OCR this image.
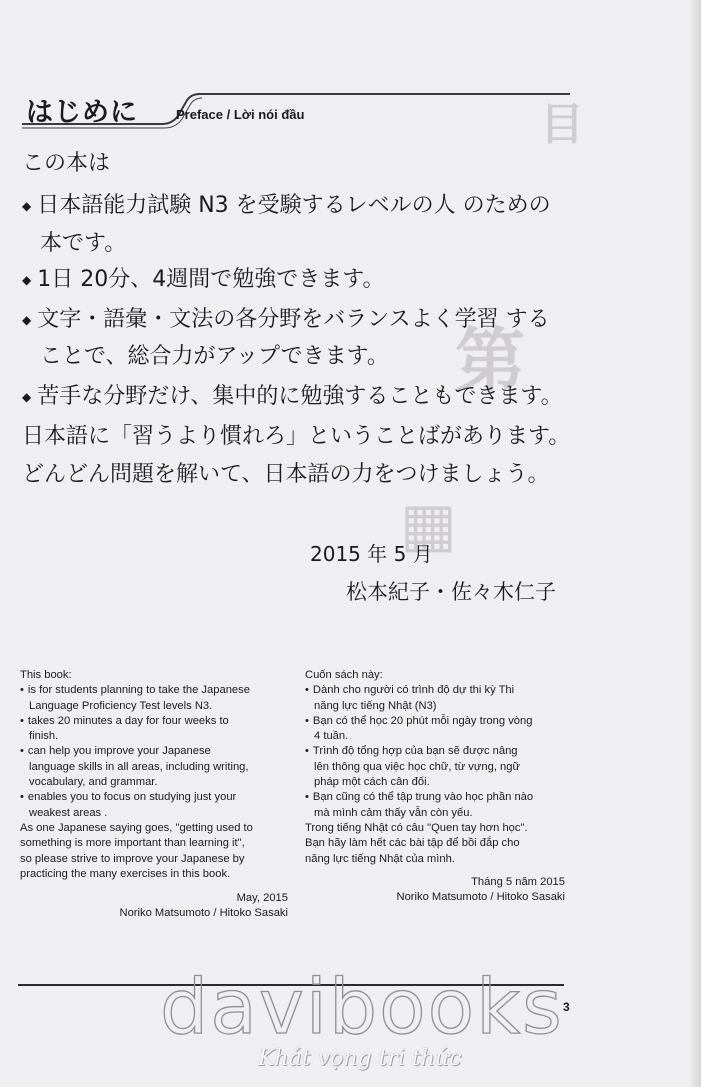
目
第
▦
はじめに	Preface / Lời nói đầu
この本は
◆ 日本語能力試験 N3 を受験するレベルの人 のための
本です。
◆ 1日 20分、4週間で勉強できます。
◆ 文字・語彙・文法の各分野をバランスよく学習 する
ことで、総合力がアップできます。
◆ 苦手な分野だけ、集中的に勉強することもできます。
日本語に「習うより慣れろ」ということばがあります。
どんどん問題を解いて、日本語の力をつけましょう。
2015 年 5 月
松本紀子・佐々木仁子
This book:
• is for students planning to take the Japanese
Language Proficiency Test levels N3.
• takes 20 minutes a day for four weeks to
finish.
• can help you improve your Japanese
language skills in all areas, including writing,
vocabulary, and grammar.
• enables you to focus on studying just your
weakest areas .
As one Japanese saying goes, "getting used to
something is more important than learning it",
so please strive to improve your Japanese by
practicing the many exercises in this book.
May, 2015
Noriko Matsumoto / Hitoko Sasaki
Cuốn sách này:
• Dành cho người có trình độ dự thi kỳ Thi
năng lực tiếng Nhật (N3)
• Bạn có thể học 20 phút mỗi ngày trong vòng
4 tuần.
• Trình độ tổng hợp của bạn sẽ được nâng
lên thông qua việc học chữ, từ vựng, ngữ
pháp một cách cân đối.
• Bạn cũng có thể tập trung vào học phần nào
mà mình cảm thấy vẫn còn yếu.
Trong tiếng Nhật có câu "Quen tay hơn học".
Bạn hãy làm hết các bài tập để bồi đắp cho
năng lực tiếng Nhật của mình.
Tháng 5 năm 2015
Noriko Matsumoto / Hitoko Sasaki
3
davibooks
Khát vọng tri thức
